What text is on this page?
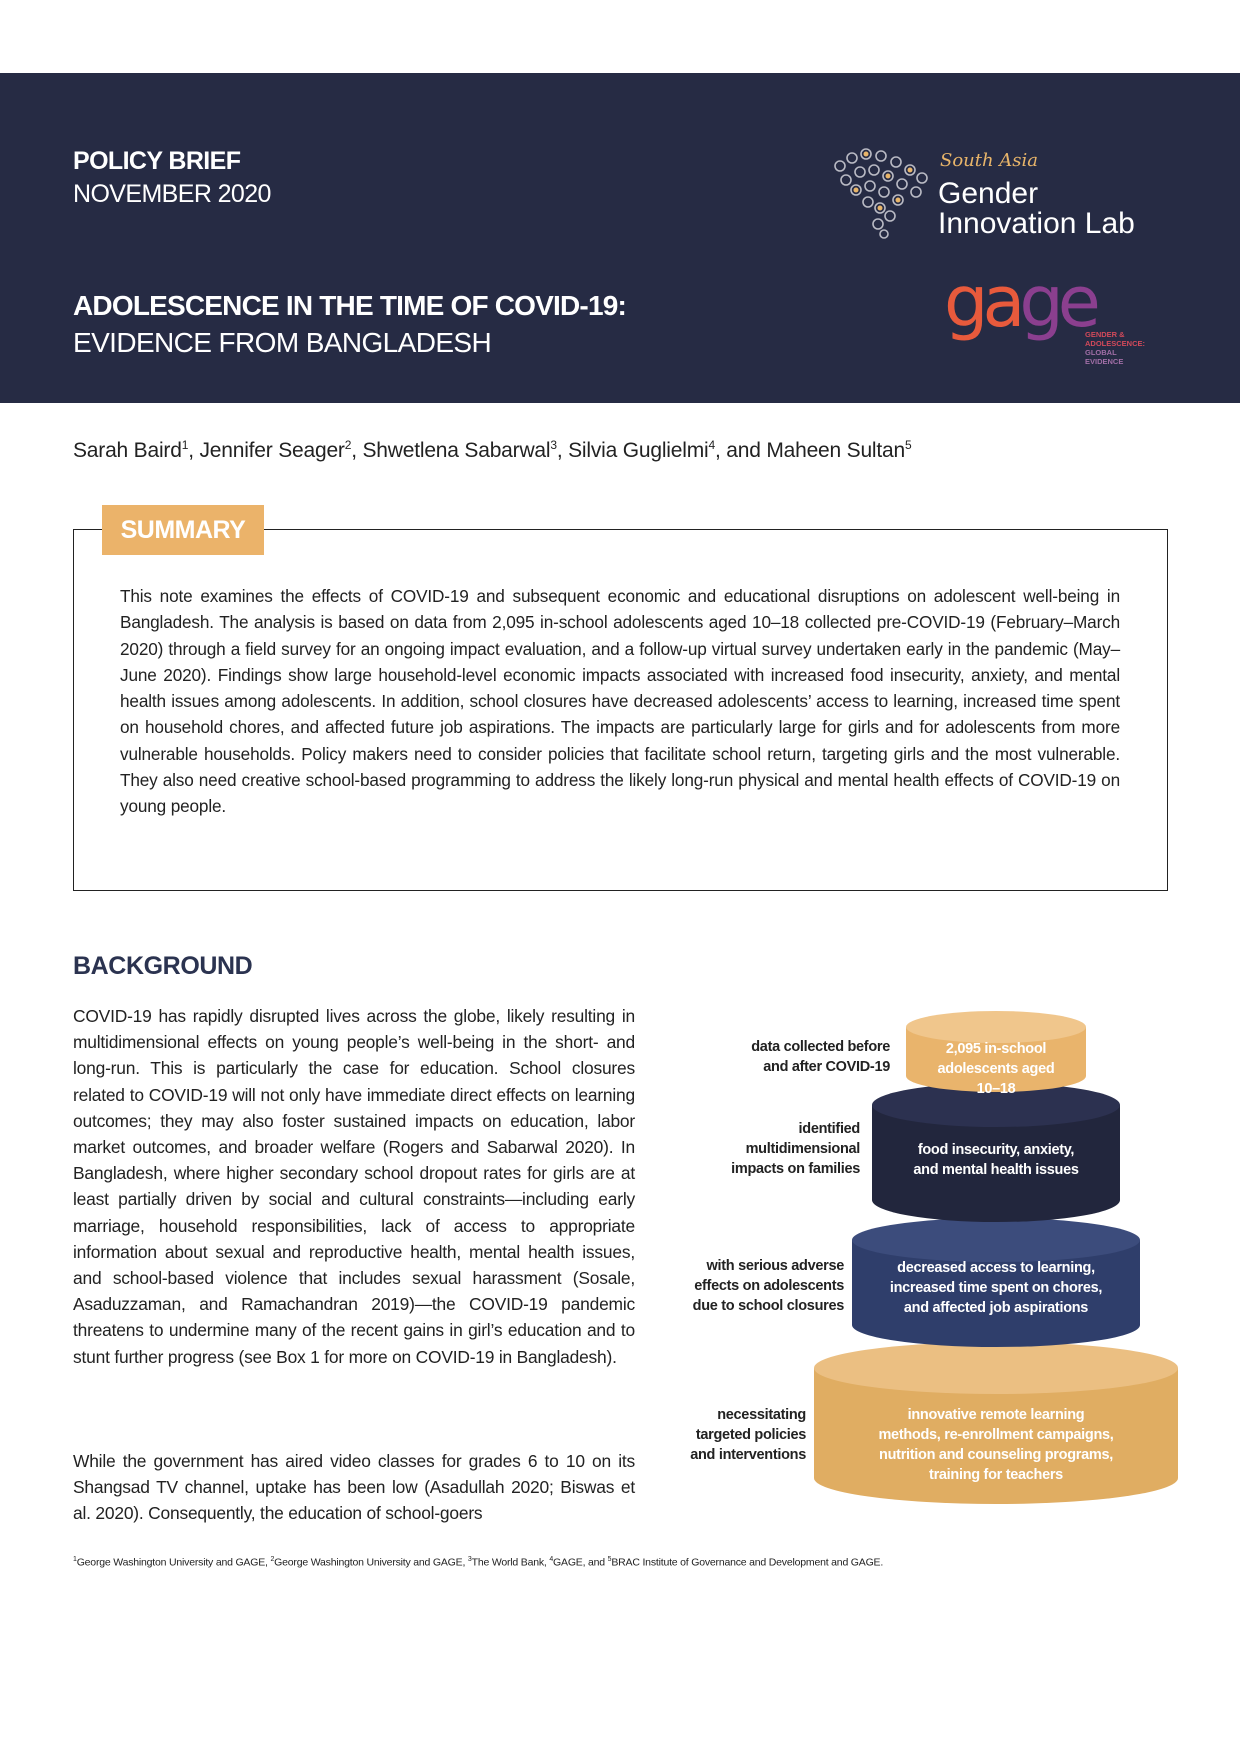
POLICY BRIEF
NOVEMBER 2020
ADOLESCENCE IN THE TIME OF COVID-19:
EVIDENCE FROM BANGLADESH
South Asia
Gender
Innovation Lab
gage
GENDER &
ADOLESCENCE:
GLOBAL
EVIDENCE
Sarah Baird$^1$, Jennifer Seager$^2$, Shwetlena Sabarwal$^3$, Silvia Guglielmi$^4$, and Maheen Sultan$^5$
SUMMARY
This note examines the effects of COVID-19 and subsequent economic and educational disruptions on adolescent well-being in Bangladesh. The analysis is based on data from 2,095 in-school adolescents aged 10–18 collected pre-COVID-19 (February–March 2020) through a field survey for an ongoing impact evaluation, and a follow-up virtual survey undertaken early in the pandemic (May–June 2020). Findings show large household-level economic impacts associated with increased food insecurity, anxiety, and mental health issues among adolescents. In addition, school closures have decreased adolescents’ access to learning, increased time spent on household chores, and affected future job aspirations. The impacts are particularly large for girls and for adolescents from more vulnerable households. Policy makers need to consider policies that facilitate school return, targeting girls and the most vulnerable. They also need creative school-based programming to address the likely long-run physical and mental health effects of COVID-19 on young people.
BACKGROUND
COVID-19 has rapidly disrupted lives across the globe, likely resulting in multidimensional effects on young people’s well-being in the short- and long-run. This is particularly the case for education. School closures related to COVID-19 will not only have immediate direct effects on learning outcomes; they may also foster sustained impacts on education, labor market outcomes, and broader welfare (Rogers and Sabarwal 2020). In Bangladesh, where higher secondary school dropout rates for girls are at least partially driven by social and cultural constraints—including early marriage, household responsibilities, lack of access to appropriate information about sexual and reproductive health, mental health issues, and school-based violence that includes sexual harassment (Sosale, Asaduzzaman, and Ramachandran 2019)—the COVID-19 pandemic threatens to undermine many of the recent gains in girl’s education and to stunt further progress (see Box 1 for more on COVID-19 in Bangladesh).
While the government has aired video classes for grades 6 to 10 on its Shangsad TV channel, uptake has been low (Asadullah 2020; Biswas et al. 2020). Consequently, the education of school-goers
data collected before
and after COVID-19
2,095 in-school
adolescents aged
10–18
identified
multidimensional
impacts on families
food insecurity, anxiety,
and mental health issues
with serious adverse
effects on adolescents
due to school closures
decreased access to learning,
increased time spent on chores,
and affected job aspirations
necessitating
targeted policies
and interventions
innovative remote learning
methods, re-enrollment campaigns,
nutrition and counseling programs,
training for teachers
$^1$George Washington University and GAGE, $^2$George Washington University and GAGE, $^3$The World Bank, $^4$GAGE, and $^5$BRAC Institute of Governance and Development and GAGE.
